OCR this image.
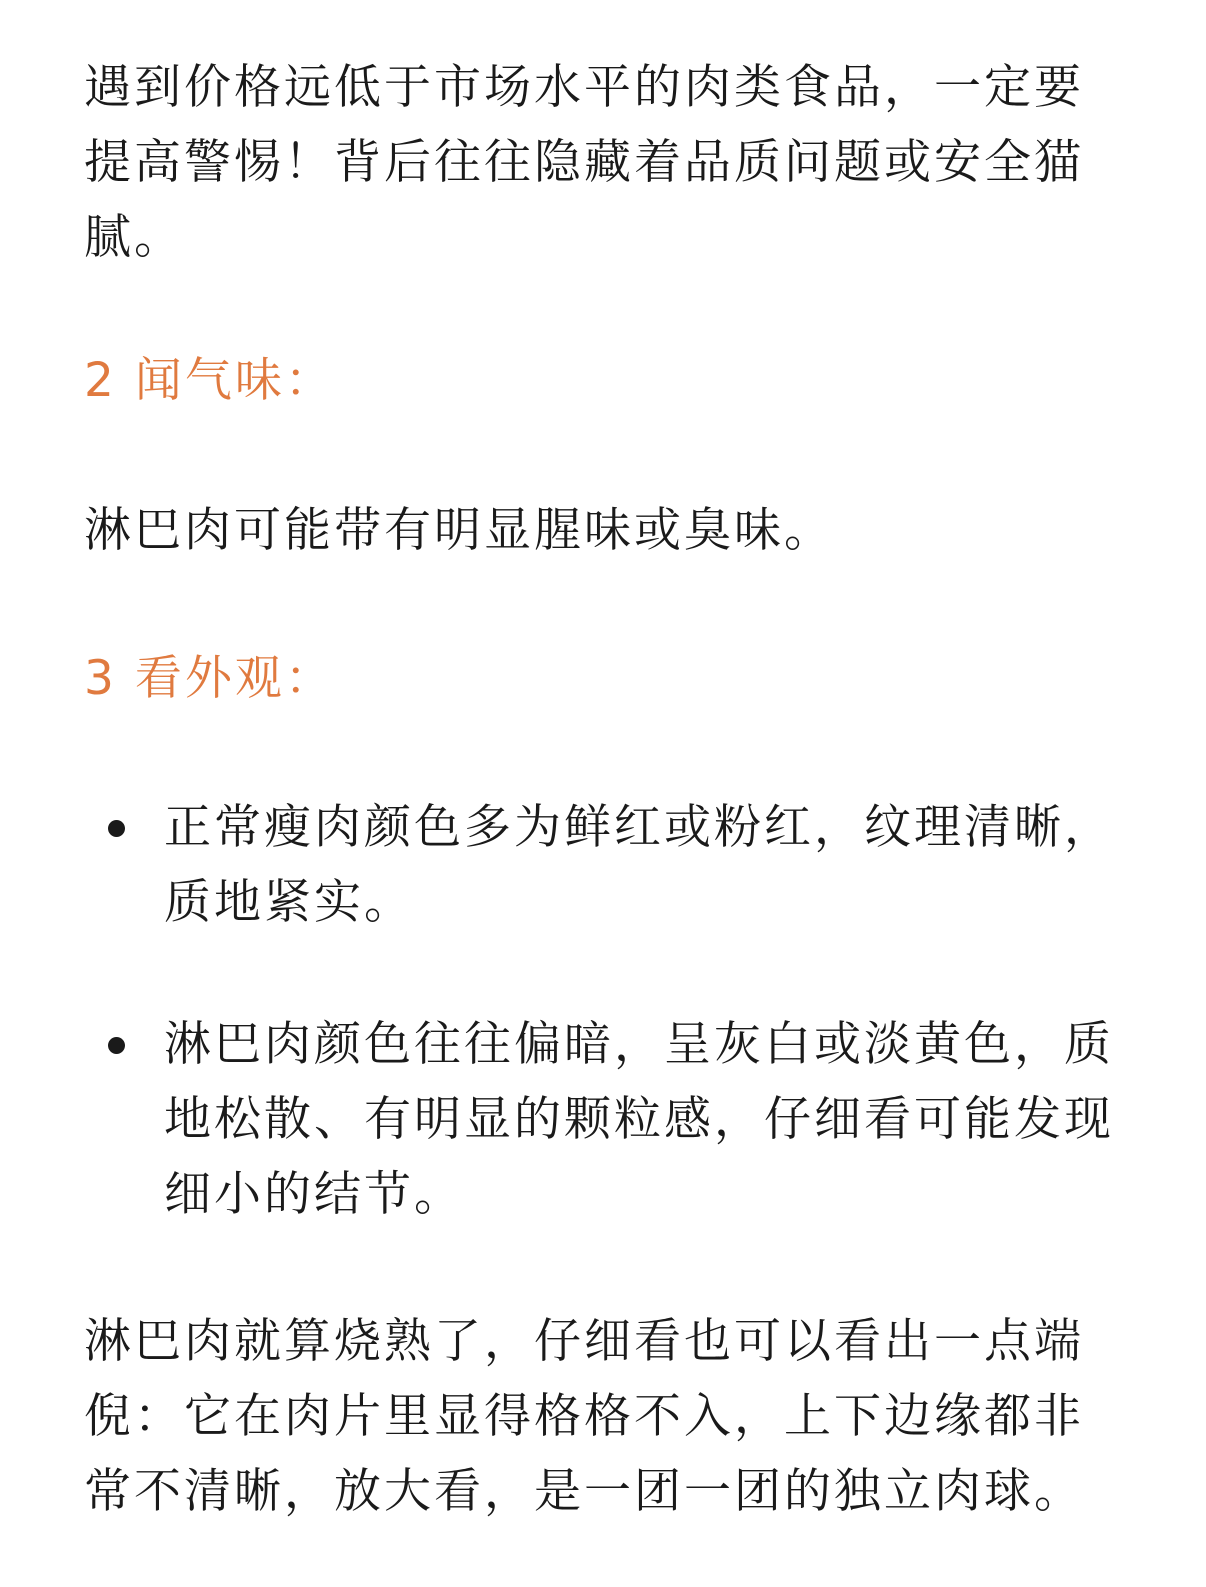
遇到价格远低于市场水平的肉类食品，一定要提高警惕！背后往往隐藏着品质问题或安全猫腻。

2 闻气味：

淋巴肉可能带有明显腥味或臭味。

3 看外观：

正常瘦肉颜色多为鲜红或粉红，纹理清晰，质地紧实。
淋巴肉颜色往往偏暗，呈灰白或淡黄色，质地松散、有明显的颗粒感，仔细看可能发现细小的结节。

淋巴肉就算烧熟了，仔细看也可以看出一点端倪：它在肉片里显得格格不入，上下边缘都非常不清晰，放大看，是一团一团的独立肉球。
